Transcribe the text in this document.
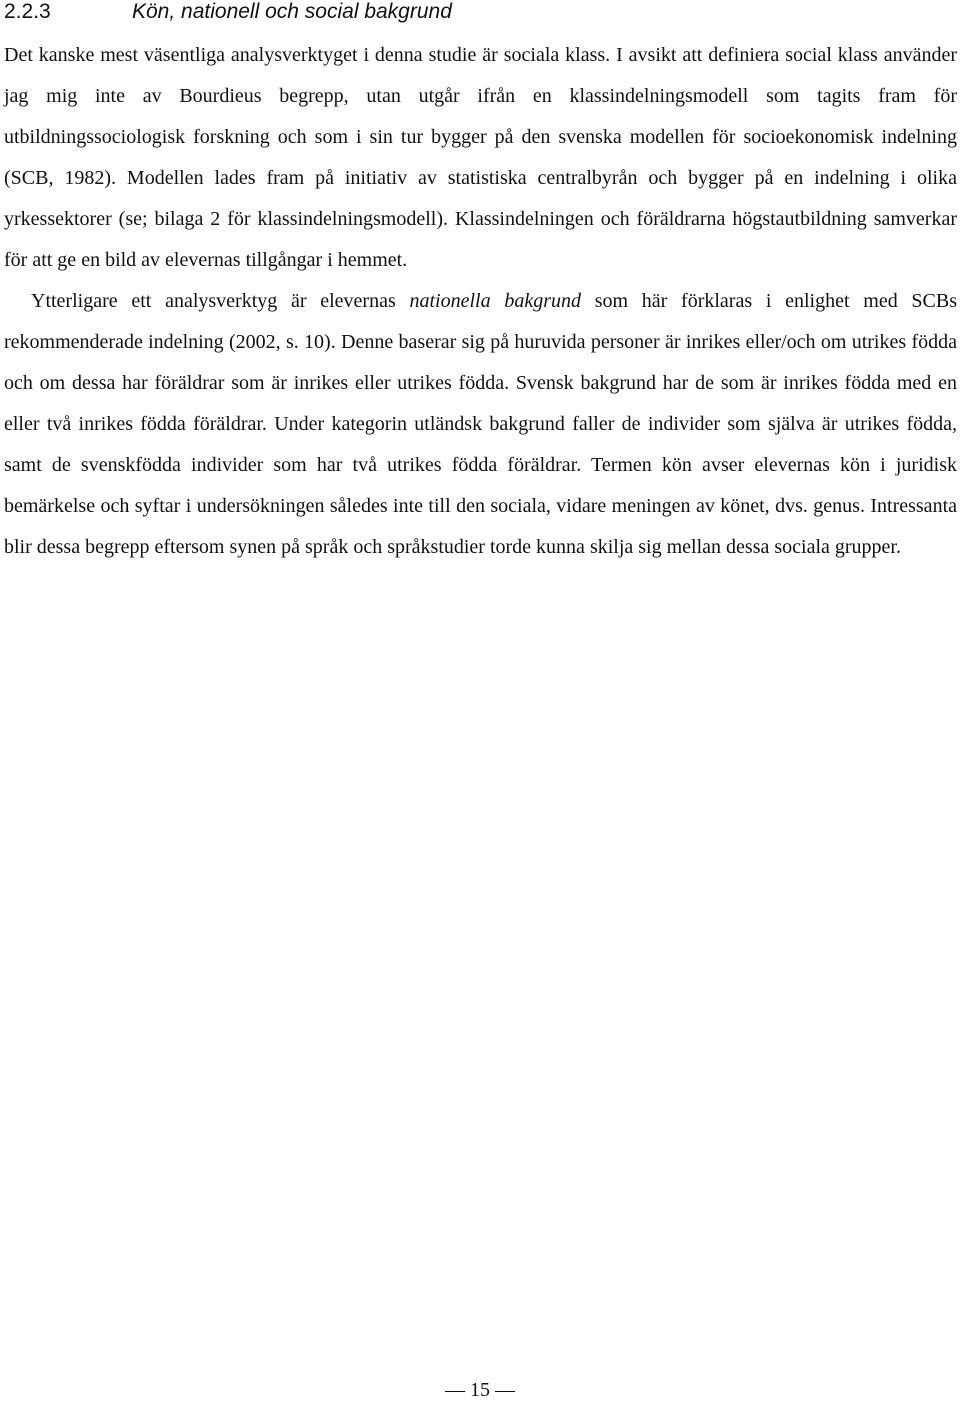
2.2.3	Kön, nationell och social bakgrund

Det kanske mest väsentliga analysverktyget i denna studie är sociala klass. I avsikt att definiera social klass använder jag mig inte av Bourdieus begrepp, utan utgår ifrån en klassindelningsmodell som tagits fram för utbildningssociologisk forskning och som i sin tur bygger på den svenska modellen för socioekonomisk indelning (SCB, 1982). Modellen lades fram på initiativ av statistiska centralbyrån och bygger på en indelning i olika yrkessektorer (se; bilaga 2 för klassindelningsmodell). Klassindelningen och föräldrarna högstautbildning samverkar för att ge en bild av elevernas tillgångar i hemmet.

Ytterligare ett analysverktyg är elevernas nationella bakgrund som här förklaras i enlighet med SCBs rekommenderade indelning (2002, s. 10). Denne baserar sig på huruvida personer är inrikes eller/och om utrikes födda och om dessa har föräldrar som är inrikes eller utrikes födda. Svensk bakgrund har de som är inrikes födda med en eller två inrikes födda föräldrar. Under kategorin utländsk bakgrund faller de individer som själva är utrikes födda, samt de svenskfödda individer som har två utrikes födda föräldrar. Termen kön avser elevernas kön i juridisk bemärkelse och syftar i undersökningen således inte till den sociala, vidare meningen av könet, dvs. genus. Intressanta blir dessa begrepp eftersom synen på språk och språkstudier torde kunna skilja sig mellan dessa sociala grupper.

— 15 —
